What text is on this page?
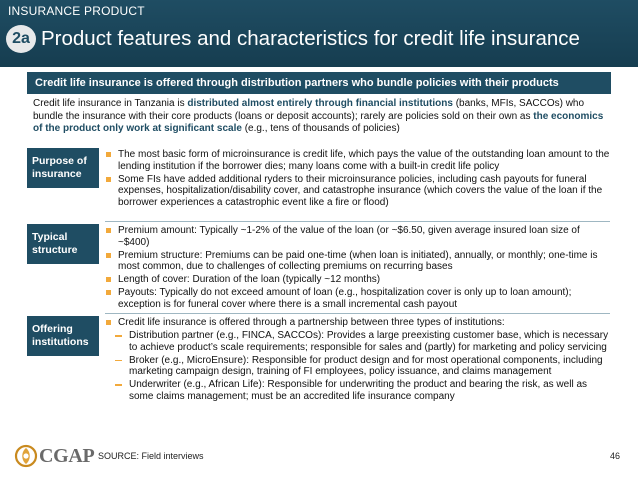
INSURANCE PRODUCT
2a Product features and characteristics for credit life insurance
Credit life insurance is offered through distribution partners who bundle policies with their products
Credit life insurance in Tanzania is distributed almost entirely through financial institutions (banks, MFIs, SACCOs) who bundle the insurance with their core products (loans or deposit accounts); rarely are policies sold on their own as the economics of the product only work at significant scale (e.g., tens of thousands of policies)
Purpose of insurance
The most basic form of microinsurance is credit life, which pays the value of the outstanding loan amount to the lending institution if the borrower dies; many loans come with a built-in credit life policy
Some FIs have added additional ryders to their microinsurance policies, including cash payouts for funeral expenses, hospitalization/disability cover, and catastrophe insurance (which covers the value of the loan if the borrower experiences a catastrophic event like a fire or flood)
Typical structure
Premium amount: Typically ~1-2% of the value of the loan (or ~$6.50, given average insured loan size of ~$400)
Premium structure: Premiums can be paid one-time (when loan is initiated), annually, or monthly; one-time is most common, due to challenges of collecting premiums on recurring bases
Length of cover: Duration of the loan (typically ~12 months)
Payouts: Typically do not exceed amount of loan (e.g., hospitalization cover is only up to loan amount); exception is for funeral cover where there is a small incremental cash payout
Offering institutions
Credit life insurance is offered through a partnership between three types of institutions:
Distribution partner (e.g., FINCA, SACCOs): Provides a large preexisting customer base, which is necessary to achieve product’s scale requirements; responsible for sales and (partly) for marketing and policy servicing
Broker (e.g., MicroEnsure): Responsible for product design and for most operational components, including marketing campaign design, training of FI employees, policy issuance, and claims management
Underwriter (e.g., African Life): Responsible for underwriting the product and bearing the risk, as well as some claims management; must be an accredited life insurance company
CGAP SOURCE: Field interviews	46
